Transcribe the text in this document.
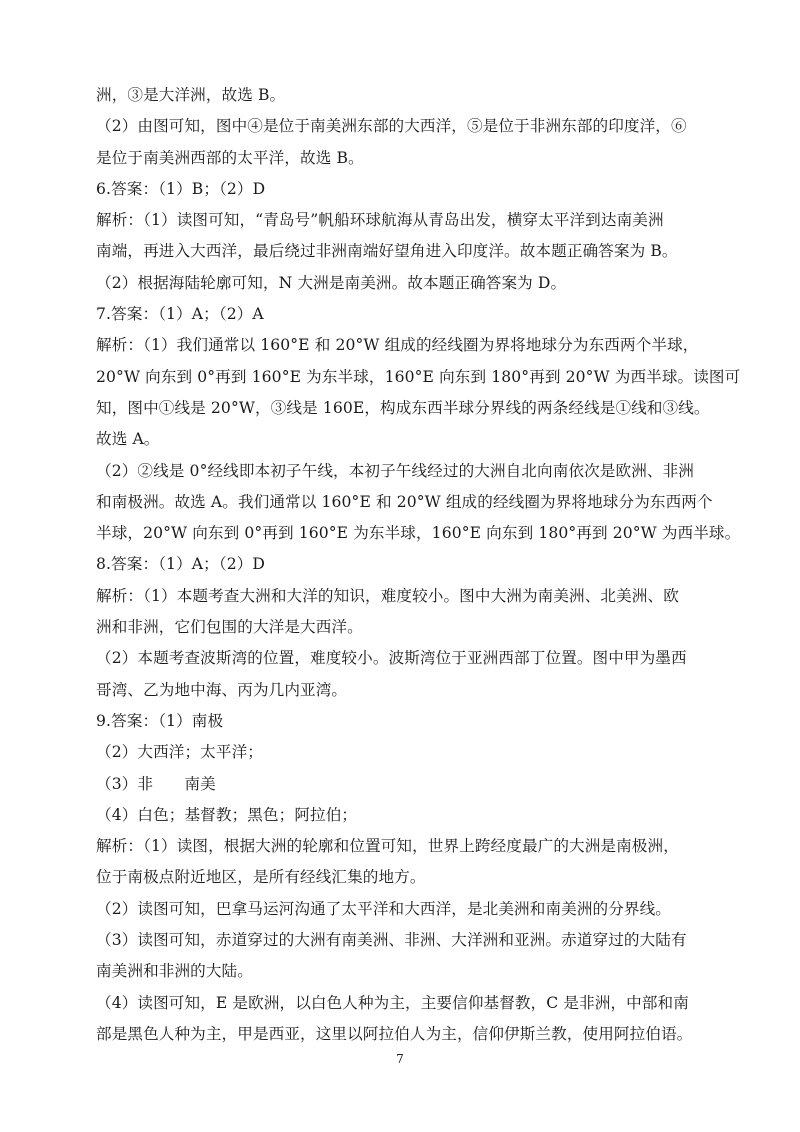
洲，③是大洋洲，故选 B。
（2）由图可知，图中④是位于南美洲东部的大西洋，⑤是位于非洲东部的印度洋，⑥
是位于南美洲西部的太平洋，故选 B。
6.答案：（1）B；（2）D
解析：（1）读图可知，“青岛号”帆船环球航海从青岛出发，横穿太平洋到达南美洲
南端，再进入大西洋，最后绕过非洲南端好望角进入印度洋。故本题正确答案为 B。
（2）根据海陆轮廓可知，N 大洲是南美洲。故本题正确答案为 D。
7.答案：（1）A；（2）A
解析：（1）我们通常以 160°E 和 20°W 组成的经线圈为界将地球分为东西两个半球，
20°W 向东到 0°再到 160°E 为东半球，160°E 向东到 180°再到 20°W 为西半球。读图可
知，图中①线是 20°W，③线是 160E，构成东西半球分界线的两条经线是①线和③线。
故选 A。
（2）②线是 0°经线即本初子午线，本初子午线经过的大洲自北向南依次是欧洲、非洲
和南极洲。故选 A。我们通常以 160°E 和 20°W 组成的经线圈为界将地球分为东西两个
半球，20°W 向东到 0°再到 160°E 为东半球，160°E 向东到 180°再到 20°W 为西半球。
8.答案：（1）A；（2）D
解析：（1）本题考查大洲和大洋的知识，难度较小。图中大洲为南美洲、北美洲、欧
洲和非洲，它们包围的大洋是大西洋。
（2）本题考查波斯湾的位置，难度较小。波斯湾位于亚洲西部丁位置。图中甲为墨西
哥湾、乙为地中海、丙为几内亚湾。
9.答案：（1）南极
（2）大西洋；太平洋；
（3）非　　南美
（4）白色；基督教；黑色；阿拉伯；
解析：（1）读图，根据大洲的轮廓和位置可知，世界上跨经度最广的大洲是南极洲，
位于南极点附近地区，是所有经线汇集的地方。
（2）读图可知，巴拿马运河沟通了太平洋和大西洋，是北美洲和南美洲的分界线。
（3）读图可知，赤道穿过的大洲有南美洲、非洲、大洋洲和亚洲。赤道穿过的大陆有
南美洲和非洲的大陆。
（4）读图可知，E 是欧洲，以白色人种为主，主要信仰基督教，C 是非洲，中部和南
部是黑色人种为主，甲是西亚，这里以阿拉伯人为主，信仰伊斯兰教，使用阿拉伯语。
7
